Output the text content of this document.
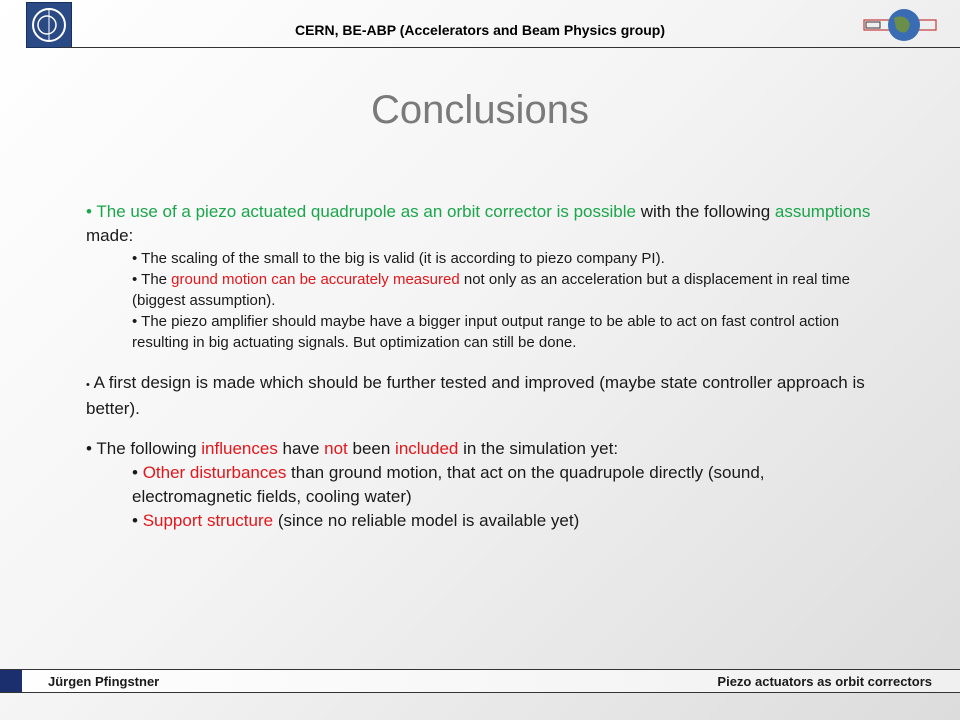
CERN, BE-ABP (Accelerators and Beam Physics group)
Conclusions

• The use of a piezo actuated quadrupole as an orbit corrector is possible with the following assumptions made:

• The scaling of the small to the big is valid (it is according to piezo company PI).

• The ground motion can be accurately measured not only as an acceleration but a displacement in real time (biggest assumption).

• The piezo amplifier should maybe have a bigger input output range to be able to act on fast control action resulting in big actuating signals. But optimization can still be done.

• A first design is made which should be further tested and improved (maybe state controller approach is better).

• The following influences have not been included in the simulation yet:

• Other disturbances than ground motion, that act on the quadrupole directly (sound, electromagnetic fields, cooling water)

• Support structure (since no reliable model is available yet)

Jürgen Pfingstner	Piezo actuators as orbit correctors
